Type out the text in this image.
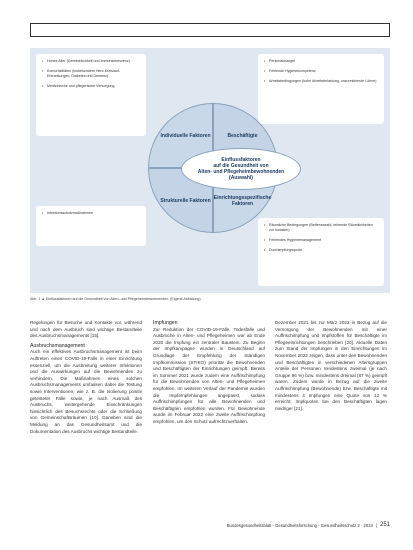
• Hohes Alter (Gebrechlichkeit und Immunseneszenz)
• Komorbiditäten (insbesondere Herz-Kreislauf-Erkrankungen, Diabetes und Demenz)
• Medizinische und pflegerische Versorgung
• Personalmangel
• Fehlende Hygienekompetenz
• Arbeitsbedingungen (hohe Arbeitsbelastung, unzureichende Löhne)
• Infektionsschutzmaßnahmen
• Räumliche Bedingungen (Bettenanzahl, fehlende Räumlichkeiten zur Isolation)
• Fehlendes Hygienemanagement
• Durchimpfungsquote
Individuelle Faktoren	Beschäftigte
Strukturelle Faktoren Einrichtungsspezifische Faktoren
Einflussfaktoren
auf die Gesundheit von
Alten- und Pflegeheimbewohnenden
(Auswahl)
Abb. 1 ▲ Einflussfaktoren auf die Gesundheit von Alten- und Pflegeheimbewohnenden. (Eigene Abbildung)

Regelungen für Besuche und Kontakte vor, während und nach dem Ausbruch sind wichtige Bestandteile des Ausbruchsmanagements [15].

Ausbruchsmanagement

Auch ein effektives Ausbruchsmanagement ist beim Auftreten eines COVID-19-Falls in einer Einrichtung essenziell, um die Ausbreitung weiterer Infektionen und die Auswirkungen auf die Bewohnenden zu verhindern. Die Maßnahmen eines solchen Ausbruchsmanagements umfassen dabei die Testung sowie Interventionen, wie z. B. die Isolierung positiv getesteter Fälle sowie, je nach Ausmaß des Ausbruchs, weitergehende Einschränkungen hinsichtlich des Besuchsrechts oder die Schließung von Gemeinschaftsräumen [10]. Daneben sind die Meldung an das Gesundheitsamt und die Dokumentation des Ausbruchs wichtige Bestandteile.

Impfungen

Zur Reduktion der COVID-19-Fälle, Todesfälle und Ausbrüche in Alten- und Pflegeheimen war ab Ende 2020 die Impfung ein zentraler Baustein. Zu Beginn der Impfkampagne wurden in Deutschland auf Grundlage der Empfehlung der Ständigen Impfkommission (STIKO) prioritär die Bewohnenden und Beschäftigten der Einrichtungen geimpft. Bereits im Sommer 2021 wurde zudem eine Auffrischimpfung für die Bewohnenden von Alten- und Pflegeheimen empfohlen. Im weiteren Verlauf der Pandemie wurden die Impfempfehlungen angepasst, sodass Auffrischimpfungen für alle Bewohnenden und Beschäftigten empfohlen wurden. Für Bewohnende wurde im Februar 2022 eine zweite Auffrischimpfung empfohlen, um den Schutz aufrechtzuerhalten.

Dezember 2021 bis zur März 2022 in Bezug auf die Versorgung der Bewohnenden mit einer Auffrischimpfung und Impfstoffen für Beschäftigte im Pflegeeinrichtungen beschrieben [20]. Aktuelle Daten zum Stand der Impfungen in den Einrichtungen im November 2022 zeigen, dass unter den Bewohnenden und Beschäftigten in verschiedenen Altersgruppen Anteile der Personen mindestens zweimal (je nach Gruppe 96 %) bzw. mindestens dreimal (87 %) geimpft waren. Zudem wurde in Bezug auf die zweite Auffrischimpfung (Bewohnende) bzw. Beschäftigte mit mindestens 4 Impfungen eine Quote von 12 % erreicht; Impfquoten bei den Beschäftigten lagen niedriger [21].

Bundesgesundheitsblatt - Gesundheitsforschung - Gesundheitsschutz 2 · 2023 | 251
